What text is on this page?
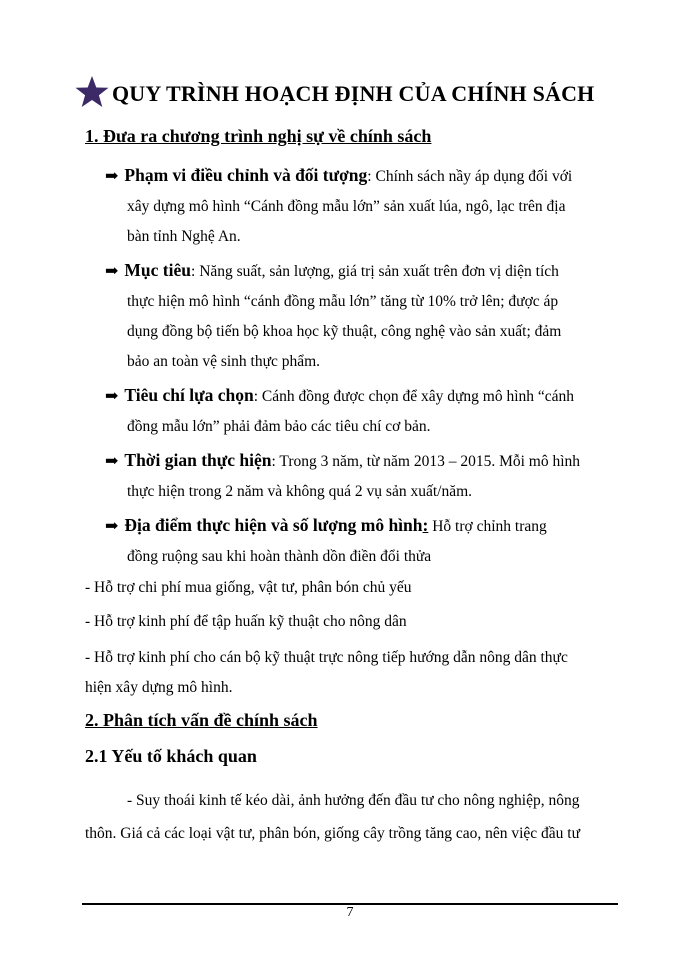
QUY TRÌNH HOẠCH ĐỊNH CỦA CHÍNH SÁCH
1. Đưa ra chương trình nghị sự về chính sách
➡ Phạm vi điều chỉnh và đối tượng: Chính sách nầy áp dụng đối với
xây dựng mô hình “Cánh đồng mẫu lớn” sản xuất lúa, ngô, lạc trên địa
bàn tỉnh Nghệ An.
➡ Mục tiêu: Năng suất, sản lượng, giá trị sản xuất trên đơn vị diện tích
thực hiện mô hình “cánh đồng mẫu lớn” tăng từ 10% trở lên; được áp
dụng đồng bộ tiến bộ khoa học kỹ thuật, công nghệ vào sản xuất; đảm
bảo an toàn vệ sinh thực phẩm.
➡ Tiêu chí lựa chọn: Cánh đồng được chọn để xây dựng mô hình “cánh
đồng mẫu lớn” phải đảm bảo các tiêu chí cơ bản.
➡ Thời gian thực hiện: Trong 3 năm, từ năm 2013 – 2015. Mỗi mô hình
thực hiện trong 2 năm và không quá 2 vụ sản xuất/năm.
➡ Địa điểm thực hiện và số lượng mô hình: Hỗ trợ chỉnh trang
đồng ruộng sau khi hoàn thành dồn điền đổi thửa
- Hỗ trợ chi phí mua giống, vật tư, phân bón chủ yếu
- Hỗ trợ kinh phí để tập huấn kỹ thuật cho nông dân
- Hỗ trợ kinh phí cho cán bộ kỹ thuật trực nông tiếp hướng dẫn nông dân thực
hiện xây dựng mô hình.
2. Phân tích vấn đề chính sách
2.1 Yếu tố khách quan
- Suy thoái kinh tế kéo dài, ảnh hưởng đến đầu tư cho nông nghiệp, nông
thôn. Giá cả các loại vật tư, phân bón, giống cây trồng tăng cao, nên việc đầu tư
7
